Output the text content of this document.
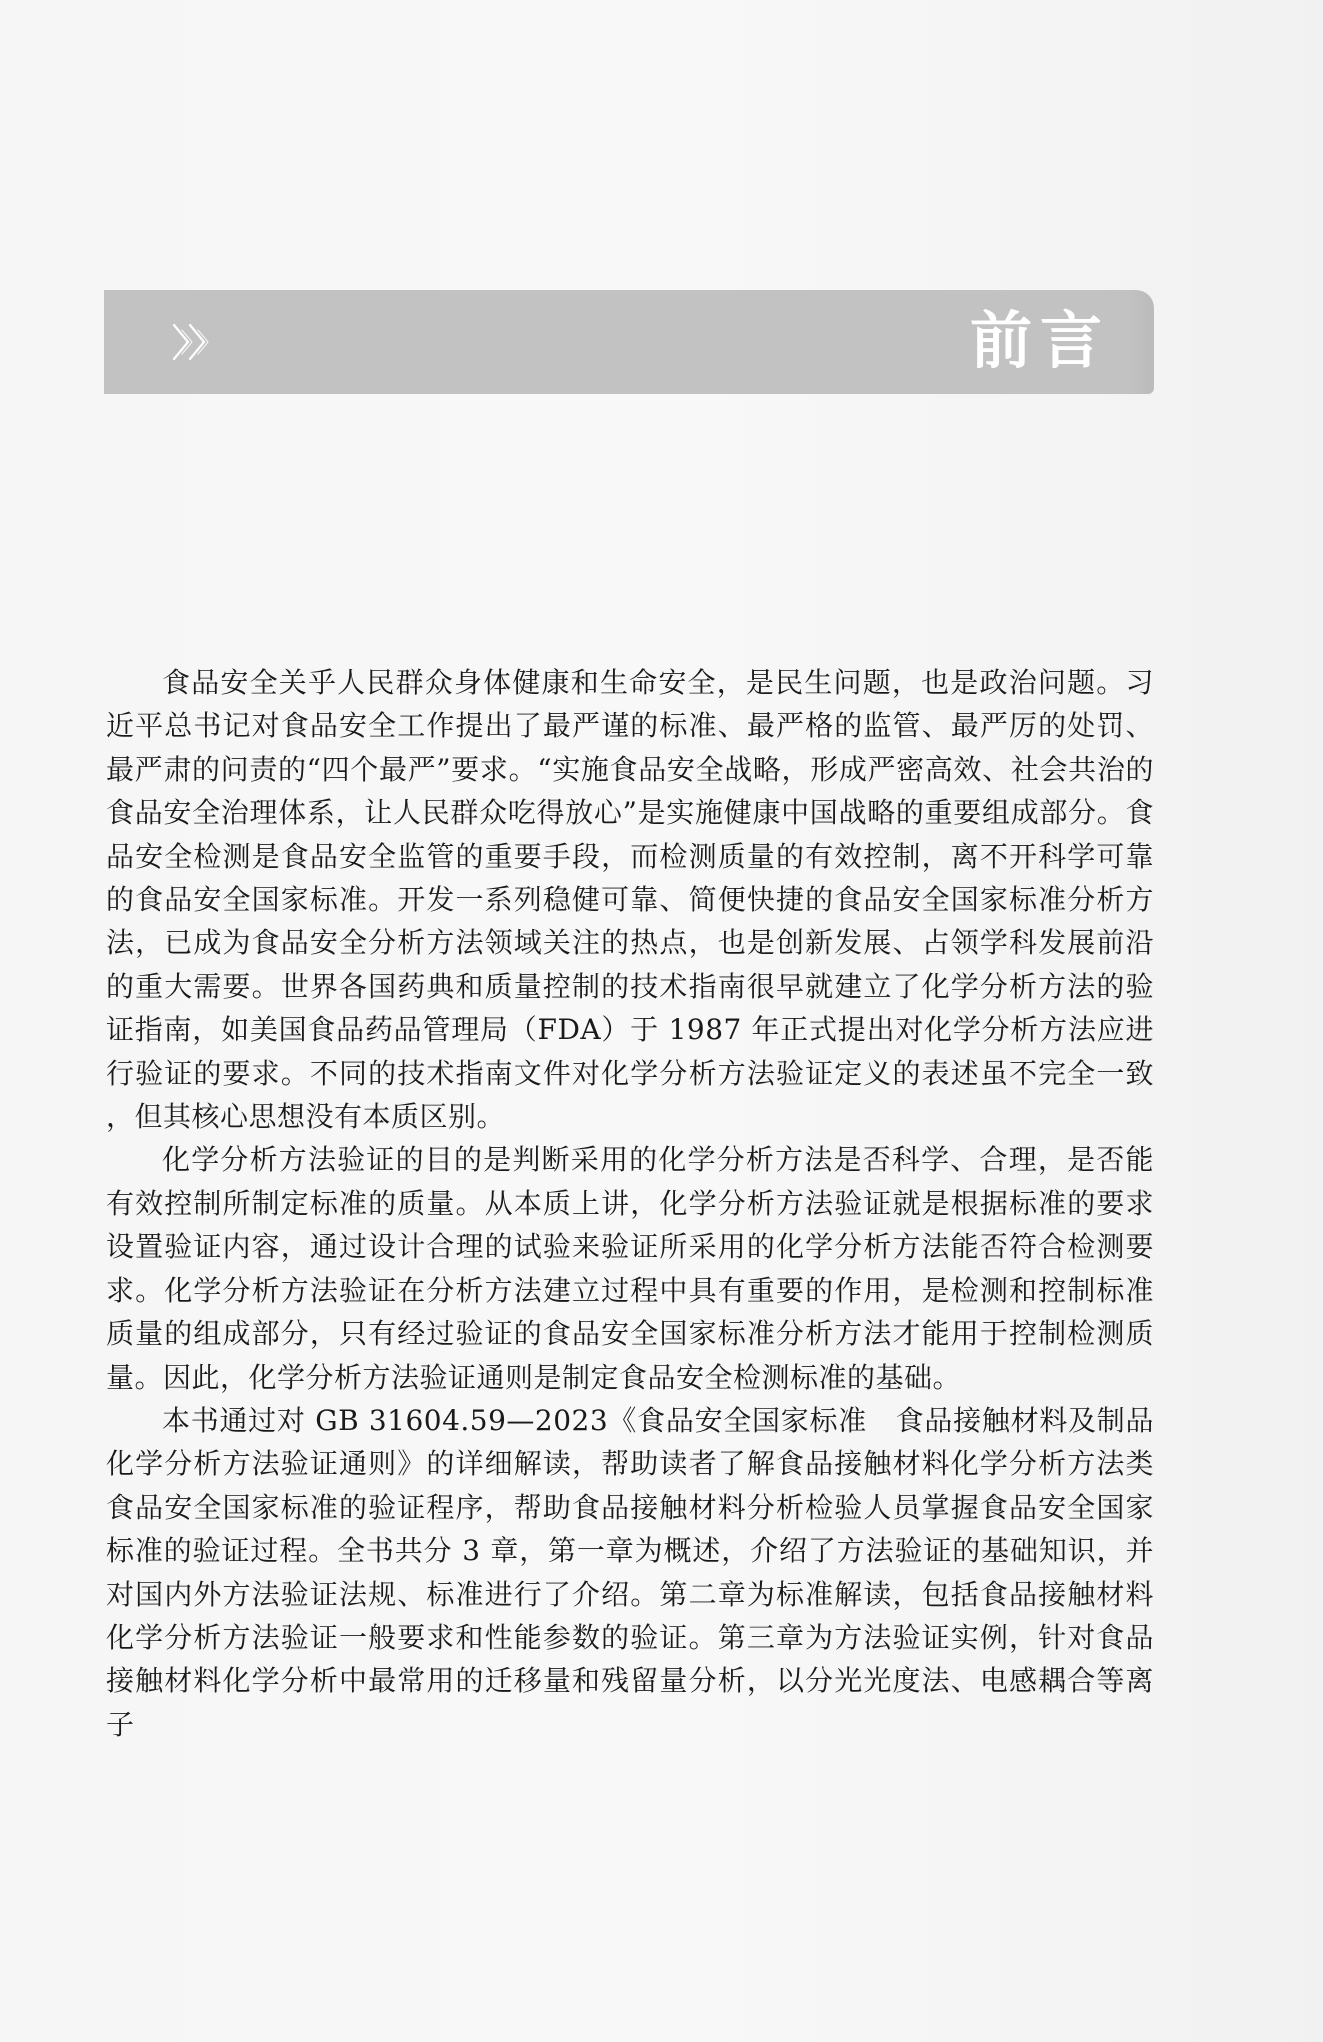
前言

食品安全关乎人民群众身体健康和生命安全，是民生问题，也是政治问题。习近平总书记对食品安全工作提出了最严谨的标准、最严格的监管、最严厉的处罚、最严肃的问责的“四个最严”要求。“实施食品安全战略，形成严密高效、社会共治的食品安全治理体系，让人民群众吃得放心”是实施健康中国战略的重要组成部分。食品安全检测是食品安全监管的重要手段，而检测质量的有效控制，离不开科学可靠的食品安全国家标准。开发一系列稳健可靠、简便快捷的食品安全国家标准分析方法，已成为食品安全分析方法领域关注的热点，也是创新发展、占领学科发展前沿的重大需要。世界各国药典和质量控制的技术指南很早就建立了化学分析方法的验证指南，如美国食品药品管理局（FDA）于 1987 年正式提出对化学分析方法应进行验证的要求。不同的技术指南文件对化学分析方法验证定义的表述虽不完全一致，但其核心思想没有本质区别。

化学分析方法验证的目的是判断采用的化学分析方法是否科学、合理，是否能有效控制所制定标准的质量。从本质上讲，化学分析方法验证就是根据标准的要求设置验证内容，通过设计合理的试验来验证所采用的化学分析方法能否符合检测要求。化学分析方法验证在分析方法建立过程中具有重要的作用，是检测和控制标准质量的组成部分，只有经过验证的食品安全国家标准分析方法才能用于控制检测质量。因此，化学分析方法验证通则是制定食品安全检测标准的基础。

本书通过对 GB 31604.59—2023《食品安全国家标准　食品接触材料及制品　化学分析方法验证通则》的详细解读，帮助读者了解食品接触材料化学分析方法类食品安全国家标准的验证程序，帮助食品接触材料分析检验人员掌握食品安全国家标准的验证过程。全书共分 3 章，第一章为概述，介绍了方法验证的基础知识，并对国内外方法验证法规、标准进行了介绍。第二章为标准解读，包括食品接触材料化学分析方法验证一般要求和性能参数的验证。第三章为方法验证实例，针对食品接触材料化学分析中最常用的迁移量和残留量分析，以分光光度法、电感耦合等离子
